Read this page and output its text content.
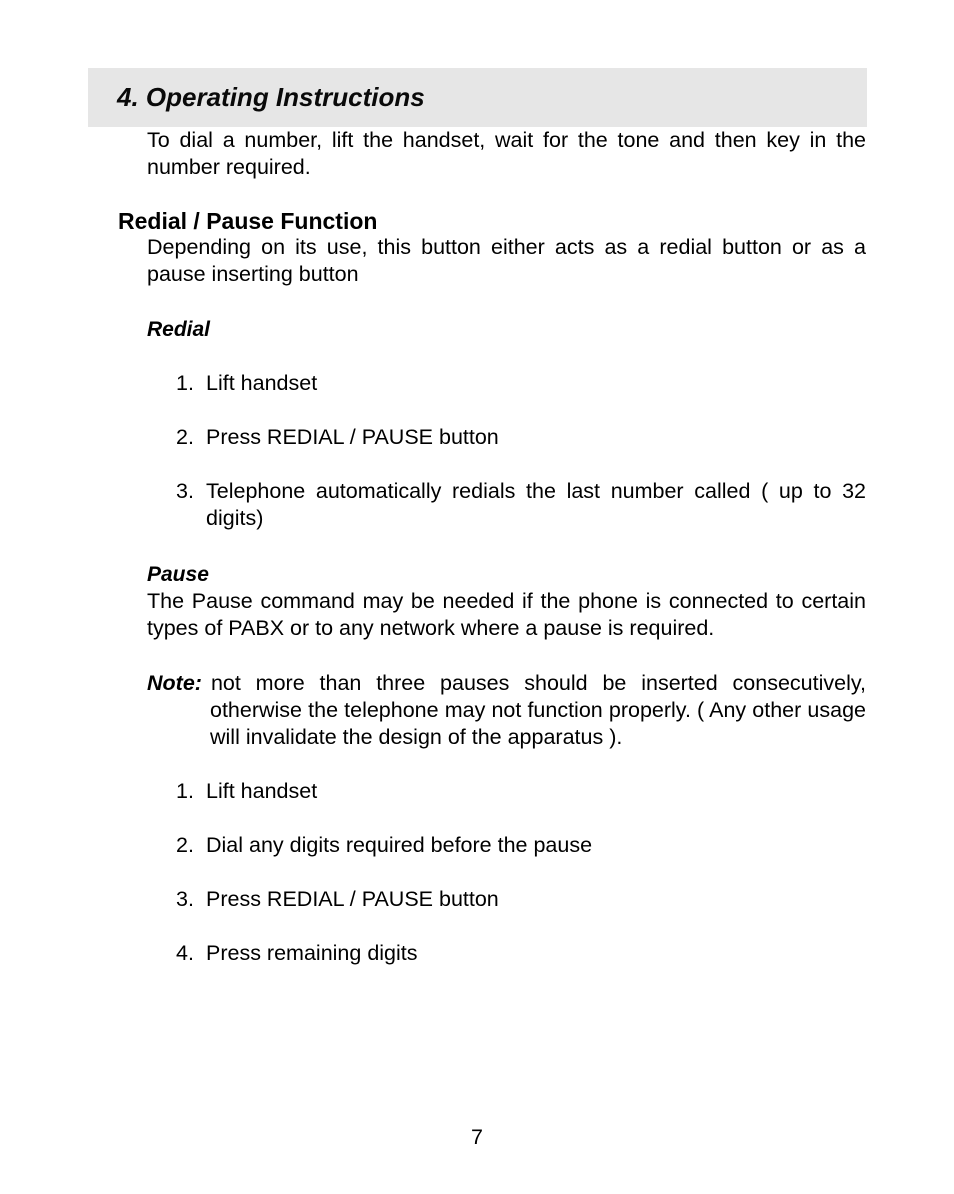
4. Operating Instructions

To dial a number, lift the handset, wait for the tone and then key in the number required.

Redial / Pause Function

Depending on its use, this button either acts as a redial button or as a pause inserting button

Redial
1. Lift handset
2. Press REDIAL / PAUSE button
3. Telephone automatically redials the last number called ( up to 32 digits)
Pause

The Pause command may be needed if the phone is connected to certain types of PABX or to any network where a pause is required.

Note: not more than three pauses should be inserted consecutively, otherwise the telephone may not function properly. ( Any other usage will invalidate the design of the apparatus ).

1. Lift handset
2. Dial any digits required before the pause
3. Press REDIAL / PAUSE button
4. Press remaining digits
7
